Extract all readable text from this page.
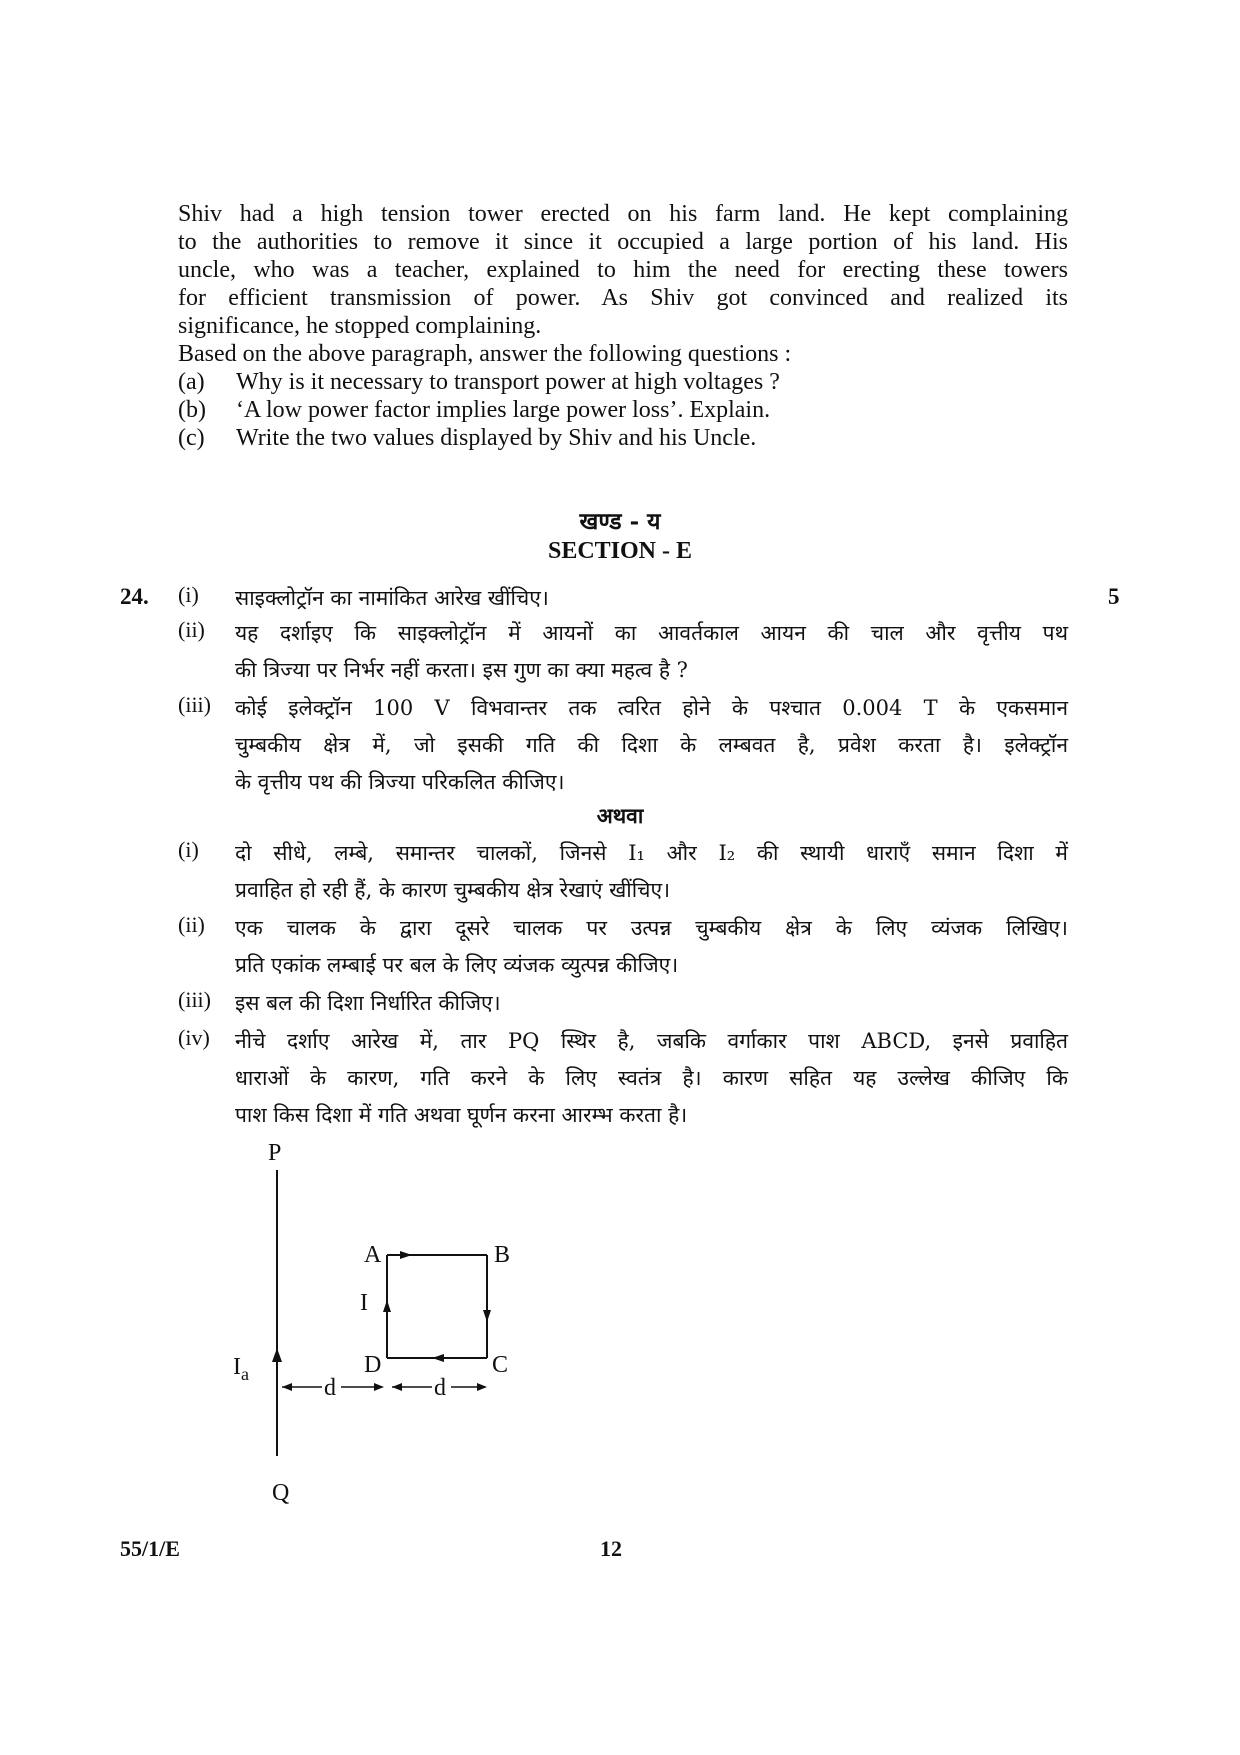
Shiv had a high tension tower erected on his farm land. He kept complaining
to the authorities to remove it since it occupied a large portion of his land. His
uncle, who was a teacher, explained to him the need for erecting these towers
for efficient transmission of power. As Shiv got convinced and realized its
significance, he stopped complaining.
Based on the above paragraph, answer the following questions :
(a) Why is it necessary to transport power at high voltages ?
(b) ‘A low power factor implies large power loss’. Explain.
(c) Write the two values displayed by Shiv and his Uncle.
खण्ड - य
SECTION - E
24.	5
(i) साइक्लोट्रॉन का नामांकित आरेख खींचिए।
(ii) यह दर्शाइए कि साइक्लोट्रॉन में आयनों का आवर्तकाल आयन की चाल और वृत्तीय पथ
की त्रिज्या पर निर्भर नहीं करता। इस गुण का क्या महत्व है ?
(iii) कोई इलेक्ट्रॉन 100 V विभवान्तर तक त्वरित होने के पश्चात 0.004 T के एकसमान
चुम्बकीय क्षेत्र में, जो इसकी गति की दिशा के लम्बवत है, प्रवेश करता है। इलेक्ट्रॉन
के वृत्तीय पथ की त्रिज्या परिकलित कीजिए।
अथवा
(i) दो सीधे, लम्बे, समान्तर चालकों, जिनसे I₁ और I₂ की स्थायी धाराएँ समान दिशा में
प्रवाहित हो रही हैं, के कारण चुम्बकीय क्षेत्र रेखाएं खींचिए।
(ii) एक चालक के द्वारा दूसरे चालक पर उत्पन्न चुम्बकीय क्षेत्र के लिए व्यंजक लिखिए।
प्रति एकांक लम्बाई पर बल के लिए व्यंजक व्युत्पन्न कीजिए।
(iii) इस बल की दिशा निर्धारित कीजिए।
(iv) नीचे दर्शाए आरेख में, तार PQ स्थिर है, जबकि वर्गाकार पाश ABCD, इनसे प्रवाहित
धाराओं के कारण, गति करने के लिए स्वतंत्र है। कारण सहित यह उल्लेख कीजिए कि
पाश किस दिशा में गति अथवा घूर्णन करना आरम्भ करता है।
P
Q
$I_a$
A	B
C
D
I
d	d
55/1/E	12
